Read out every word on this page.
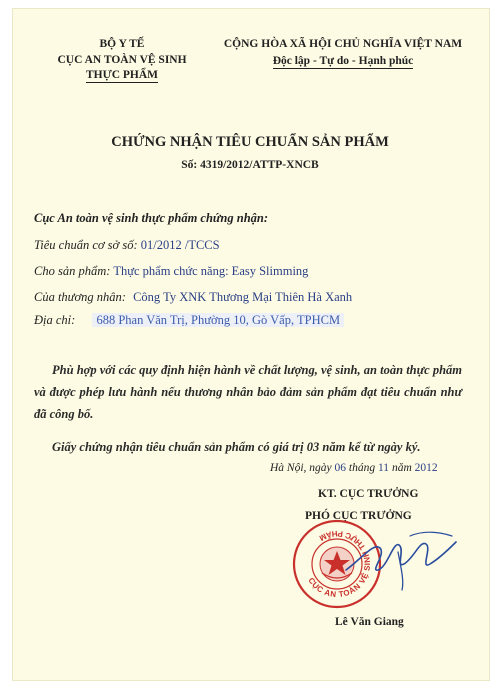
BỘ Y TẾ
CỤC AN TOÀN VỆ SINH
THỰC PHẨM
CỘNG HÒA XÃ HỘI CHỦ NGHĨA VIỆT NAM
Độc lập - Tự do - Hạnh phúc
CHỨNG NHẬN TIÊU CHUẨN SẢN PHẨM
Số: 4319/2012/ATTP-XNCB
Cục An toàn vệ sinh thực phẩm chứng nhận:
Tiêu chuẩn cơ sở số: 01/2012 /TCCS
Cho sản phẩm: Thực phẩm chức năng: Easy Slimming
Của thương nhân: Công Ty XNK Thương Mại Thiên Hà Xanh
Địa chỉ: 688 Phan Văn Trị, Phường 10, Gò Vấp, TPHCM
Phù hợp với các quy định hiện hành về chất lượng, vệ sinh, an toàn thực phẩm và được phép lưu hành nếu thương nhân bảo đảm sản phẩm đạt tiêu chuẩn như đã công bố.
Giấy chứng nhận tiêu chuẩn sản phẩm có giá trị 03 năm kể từ ngày ký.
Hà Nội, ngày 06 tháng 11 năm 2012
KT. CỤC TRƯỞNG
PHÓ CỤC TRƯỞNG
CỤC AN TOÀN VỆ SINH THỰC PHẨM
Lê Văn Giang
